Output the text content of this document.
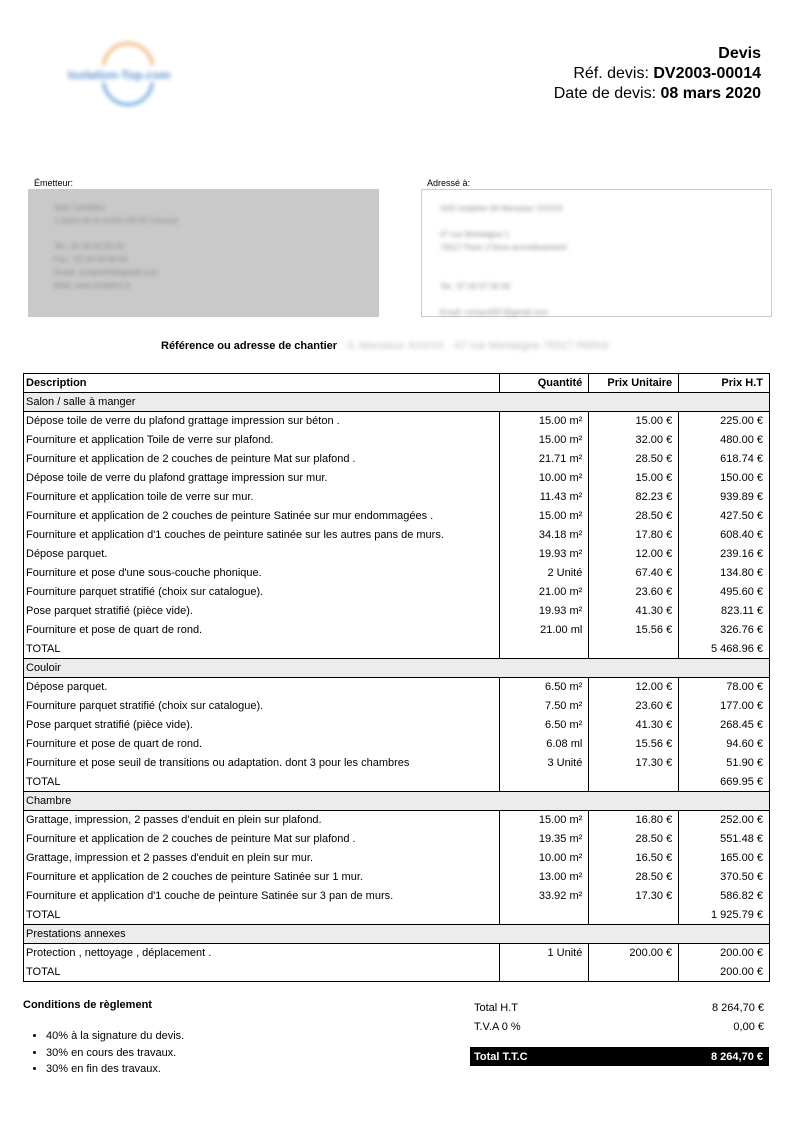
Isolation-Top.com
Devis
Réf. devis: DV2003-00014
Date de devis: 08 mars 2020
Émetteur:
Sam Lameilas
1 place de la scène (93 02 Courcy)

Tel.: 01 00 00 00 00
Fax.: 00 00 00 00 00
Email: contact00@gmail.com
Web: www.isolation.fr
Adressé à:
SAS Isolation 94 Monsieur XXXXX

47 rue Montaigne 1
75017 Paris 17ème arrondissement

Tel.: 07 00 07 00 00

Email: contact007@gmail.com
Référence ou adresse de chantier : 0, Monsieur XXXXX - 47 rue Montaigne 75017 PARIS
Description	Quantité	Prix Unitaire	Prix H.T
Salon / salle à manger			
Dépose toile de verre du plafond grattage impression sur béton .	15.00 m²	15.00 €	225.00 €
Fourniture et application Toile de verre sur plafond.	15.00 m²	32.00 €	480.00 €
Fourniture et application de 2 couches de peinture Mat sur plafond .	21.71 m²	28.50 €	618.74 €
Dépose toile de verre du plafond grattage impression sur mur.	10.00 m²	15.00 €	150.00 €
Fourniture et application toile de verre sur mur.	11.43 m²	82.23 €	939.89 €
Fourniture et application de 2 couches de peinture Satinée sur mur endommagées .	15.00 m²	28.50 €	427.50 €
Fourniture et application d'1 couches de peinture satinée sur les autres pans de murs.	34.18 m²	17.80 €	608.40 €
Dépose parquet.	19.93 m²	12.00 €	239.16 €
Fourniture et pose d'une sous-couche phonique.	2 Unité	67.40 €	134.80 €
Fourniture parquet stratifié (choix sur catalogue).	21.00 m²	23.60 €	495.60 €
Pose parquet stratifié (pièce vide).	19.93 m²	41.30 €	823.11 €
Fourniture et pose de quart de rond.	21.00 ml	15.56 €	326.76 €
TOTAL			5 468.96 €
Couloir			
Dépose parquet.	6.50 m²	12.00 €	78.00 €
Fourniture parquet stratifié (choix sur catalogue).	7.50 m²	23.60 €	177.00 €
Pose parquet stratifié (pièce vide).	6.50 m²	41.30 €	268.45 €
Fourniture et pose de quart de rond.	6.08 ml	15.56 €	94.60 €
Fourniture et pose seuil de transitions ou adaptation. dont 3 pour les chambres	3 Unité	17.30 €	51.90 €
TOTAL			669.95 €
Chambre			
Grattage, impression, 2 passes d'enduit en plein sur plafond.	15.00 m²	16.80 €	252.00 €
Fourniture et application de 2 couches de peinture Mat sur plafond .	19.35 m²	28.50 €	551.48 €
Grattage, impression et 2 passes d'enduit en plein sur mur.	10.00 m²	16.50 €	165.00 €
Fourniture et application de 2 couches de peinture Satinée sur 1 mur.	13.00 m²	28.50 €	370.50 €
Fourniture et application d'1 couche de peinture Satinée sur 3 pan de murs.	33.92 m²	17.30 €	586.82 €
TOTAL			1 925.79 €
Prestations annexes			
Protection , nettoyage , déplacement .	1 Unité	200.00 €	200.00 €
TOTAL			200.00 €
Conditions de règlement
• 40% à la signature du devis.
• 30% en cours des travaux.
• 30% en fin des travaux.
Total H.T	8 264,70 €
T.V.A 0 %	0,00 €
Total T.T.C	8 264,70 €
